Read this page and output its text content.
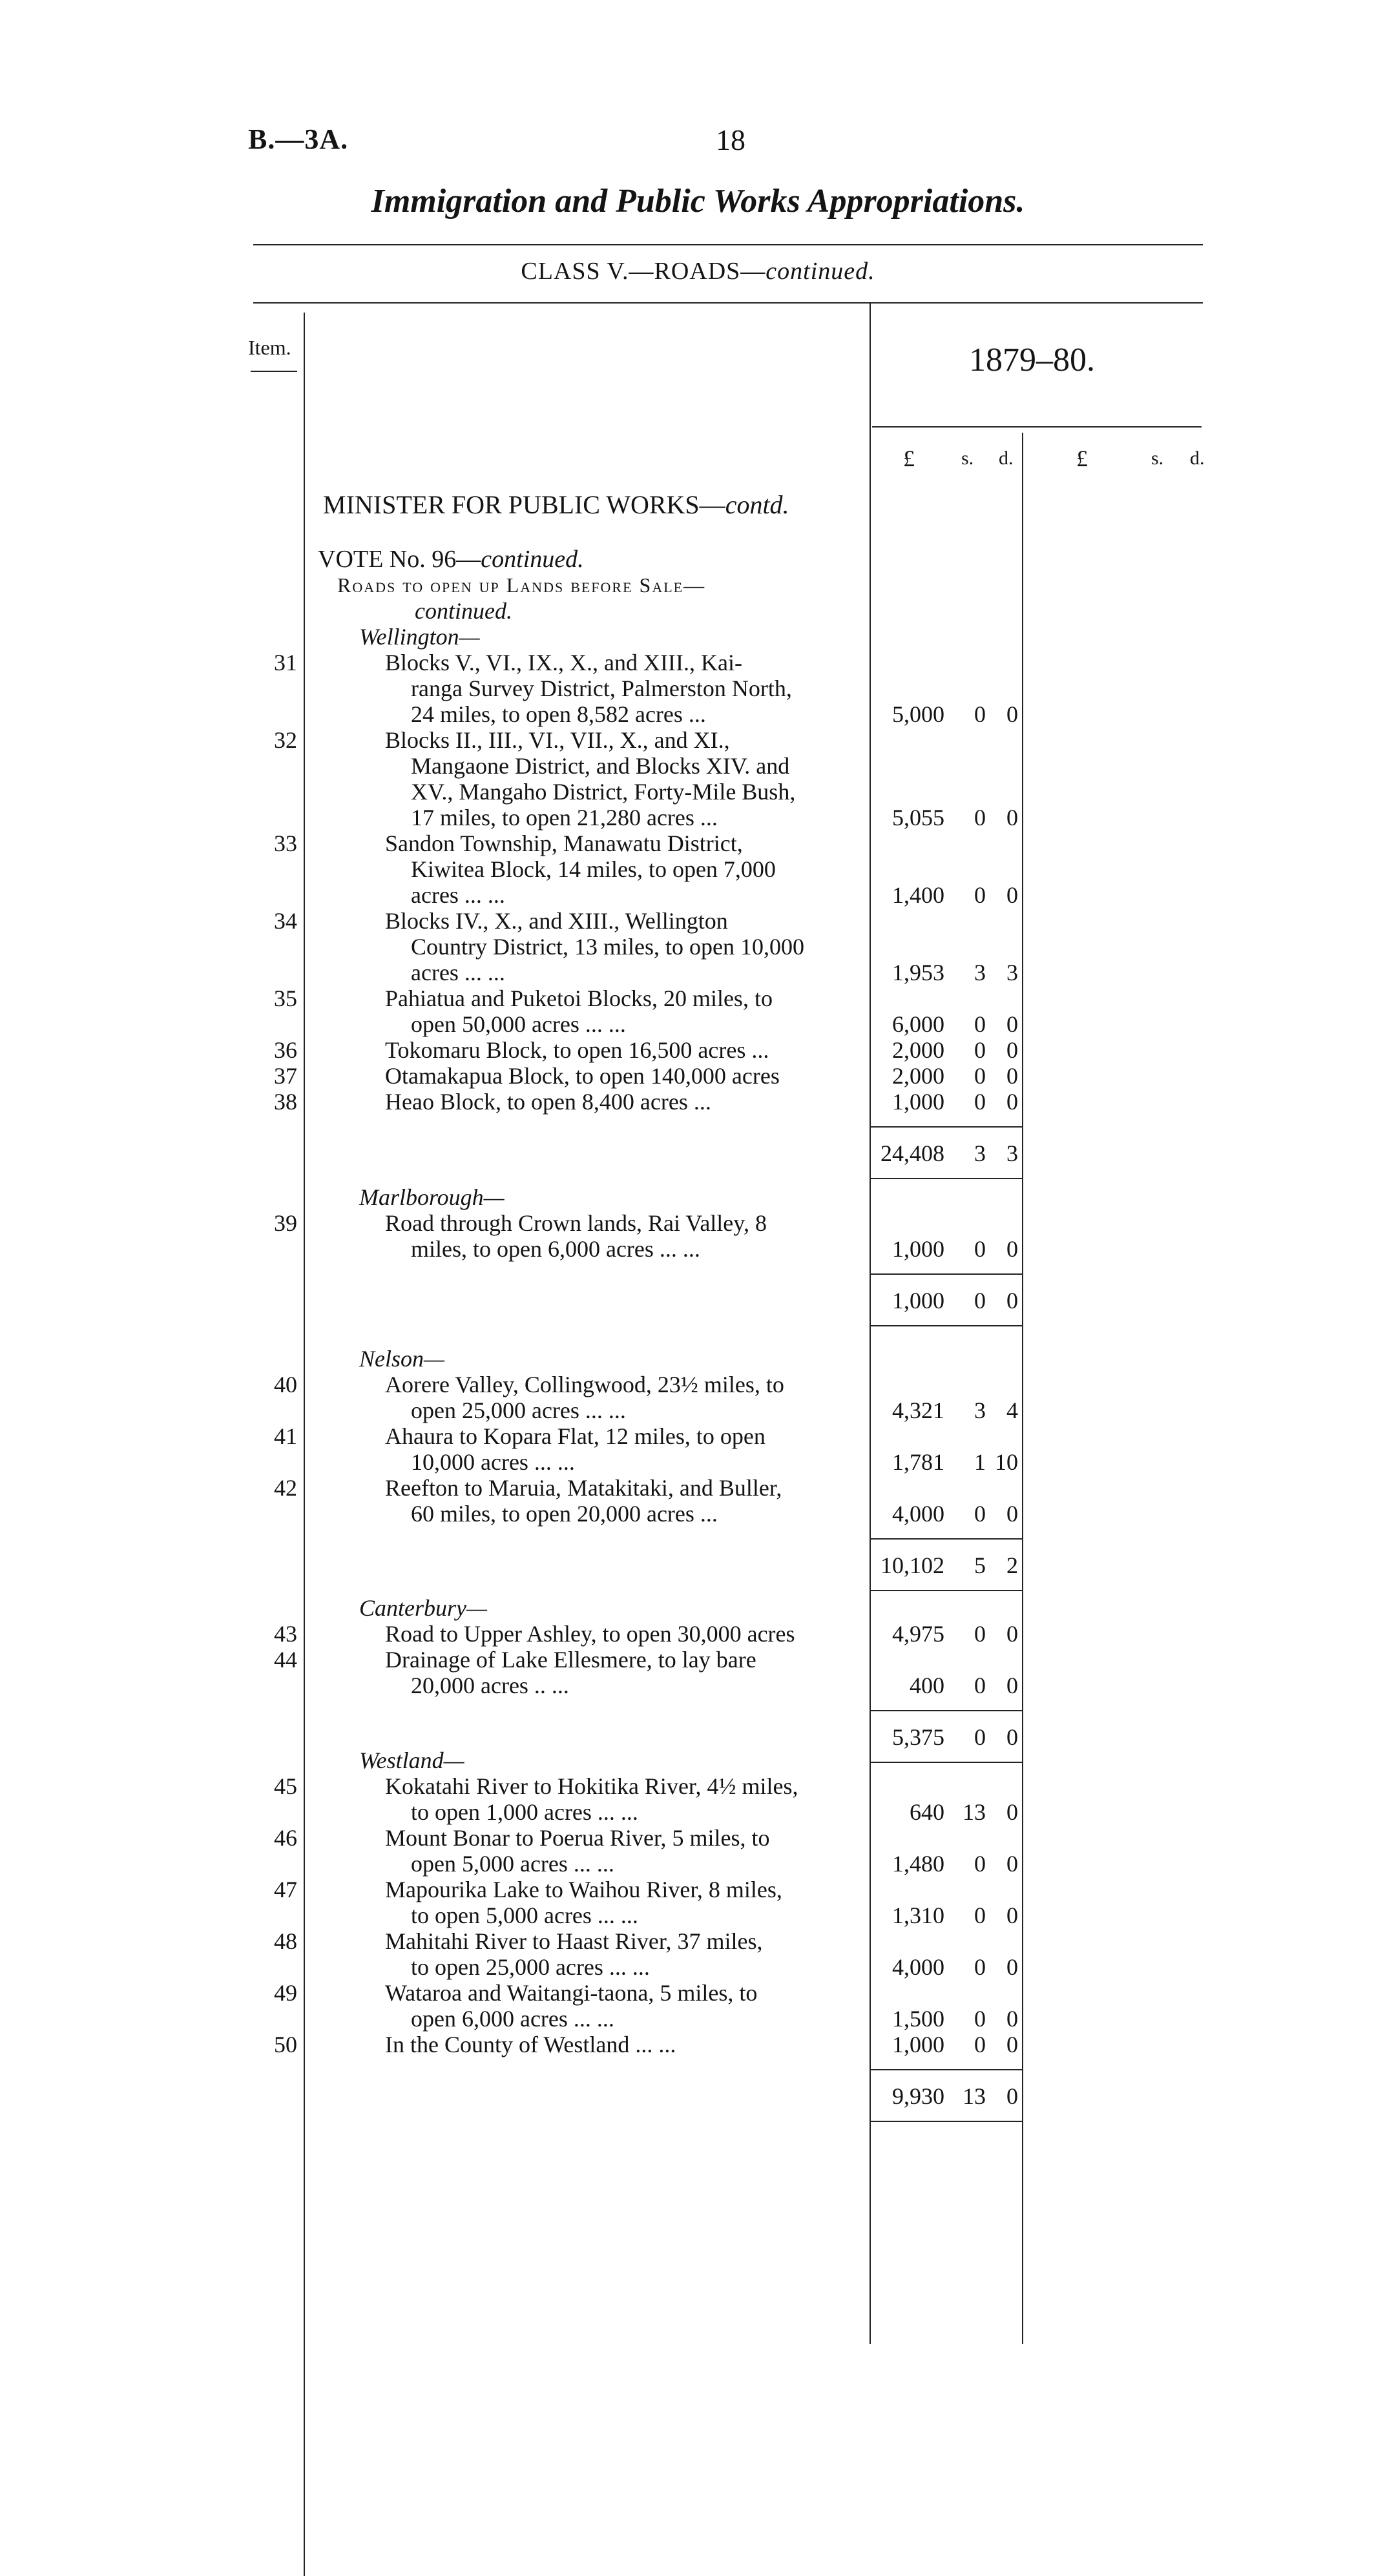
B.—3A.	18
Immigration and Public Works Appropriations.
CLASS V.—ROADS—continued.
Item.	1879–80.
£ s. d.	£	s. d.
MINISTER FOR PUBLIC WORKS—contd.
VOTE No. 96—continued.
Roads to open up Lands before Sale—
continued.
Wellington—
31	Blocks V., VI., IX., X., and XIII., Kai-
ranga Survey District, Palmerston North,
24 miles, to open 8,582 acres ...	5,000	0 0
32	Blocks II., III., VI., VII., X., and XI.,
Mangaone District, and Blocks XIV. and
XV., Mangaho District, Forty-Mile Bush,
17 miles, to open 21,280 acres ...	5,055	0 0
33	Sandon Township, Manawatu District,
Kiwitea Block, 14 miles, to open 7,000
acres ... ...	1,400	0 0
34	Blocks IV., X., and XIII., Wellington
Country District, 13 miles, to open 10,000
acres ... ...	1,953	3 3
35	Pahiatua and Puketoi Blocks, 20 miles, to
open 50,000 acres ... ...	6,000	0 0
36	Tokomaru Block, to open 16,500 acres ...	2,000	0 0
37	Otamakapua Block, to open 140,000 acres	2,000	0 0
38	Heao Block, to open 8,400 acres ...	1,000	0 0
24,408	3 3
Marlborough—
39	Road through Crown lands, Rai Valley, 8
miles, to open 6,000 acres ... ...	1,000	0 0
1,000	0 0
Nelson—
40	Aorere Valley, Collingwood, 23½ miles, to
open 25,000 acres ... ...	4,321	3 4
41	Ahaura to Kopara Flat, 12 miles, to open
10,000 acres ... ...	1,781	1 10
42	Reefton to Maruia, Matakitaki, and Buller,
60 miles, to open 20,000 acres ...	4,000	0 0
10,102	5 2
Canterbury—
43	Road to Upper Ashley, to open 30,000 acres	4,975	0 0
44	Drainage of Lake Ellesmere, to lay bare
20,000 acres .. ...	400	0 0
5,375	0 0
Westland—
45	Kokatahi River to Hokitika River, 4½ miles,
to open 1,000 acres ... ...	640 13 0
46	Mount Bonar to Poerua River, 5 miles, to
open 5,000 acres ... ...	1,480	0 0
47	Mapourika Lake to Waihou River, 8 miles,
to open 5,000 acres ... ...	1,310	0 0
48	Mahitahi River to Haast River, 37 miles,
to open 25,000 acres ... ...	4,000	0 0
49	Wataroa and Waitangi-taona, 5 miles, to
open 6,000 acres ... ...	1,500	0 0
50	In the County of Westland ... ...	1,000	0 0
9,930 13 0
